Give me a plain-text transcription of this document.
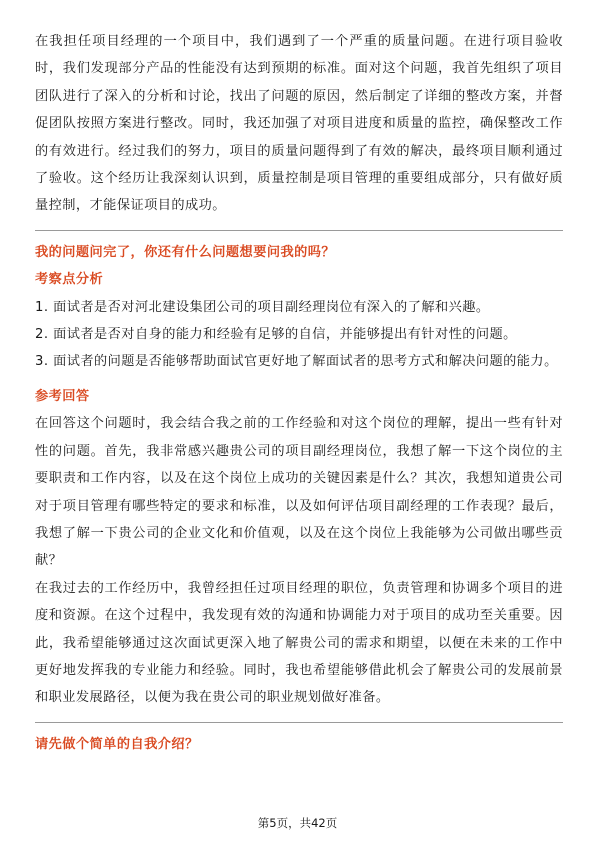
在我担任项目经理的一个项目中，我们遇到了一个严重的质量问题。在进行项目验收时，我们发现部分产品的性能没有达到预期的标准。面对这个问题，我首先组织了项目团队进行了深入的分析和讨论，找出了问题的原因，然后制定了详细的整改方案，并督促团队按照方案进行整改。同时，我还加强了对项目进度和质量的监控，确保整改工作的有效进行。经过我们的努力，项目的质量问题得到了有效的解决，最终项目顺利通过了验收。这个经历让我深刻认识到，质量控制是项目管理的重要组成部分，只有做好质量控制，才能保证项目的成功。

我的问题问完了，你还有什么问题想要问我的吗？

考察点分析

1. 面试者是否对河北建设集团公司的项目副经理岗位有深入的了解和兴趣。

2. 面试者是否对自身的能力和经验有足够的自信，并能够提出有针对性的问题。

3. 面试者的问题是否能够帮助面试官更好地了解面试者的思考方式和解决问题的能力。

参考回答

在回答这个问题时，我会结合我之前的工作经验和对这个岗位的理解，提出一些有针对性的问题。首先，我非常感兴趣贵公司的项目副经理岗位，我想了解一下这个岗位的主要职责和工作内容，以及在这个岗位上成功的关键因素是什么？其次，我想知道贵公司对于项目管理有哪些特定的要求和标准，以及如何评估项目副经理的工作表现？最后，我想了解一下贵公司的企业文化和价值观，以及在这个岗位上我能够为公司做出哪些贡献？

在我过去的工作经历中，我曾经担任过项目经理的职位，负责管理和协调多个项目的进度和资源。在这个过程中，我发现有效的沟通和协调能力对于项目的成功至关重要。因此，我希望能够通过这次面试更深入地了解贵公司的需求和期望，以便在未来的工作中更好地发挥我的专业能力和经验。同时，我也希望能够借此机会了解贵公司的发展前景和职业发展路径，以便为我在贵公司的职业规划做好准备。

请先做个简单的自我介绍？

第5页，共42页
